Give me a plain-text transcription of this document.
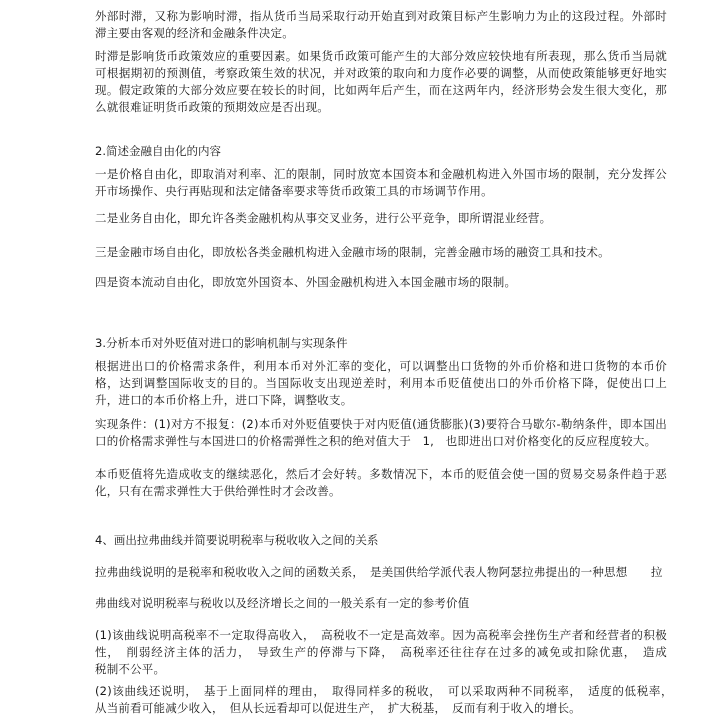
外部时滞，又称为影响时滞，指从货币当局采取行动开始直到对政策目标产生影响力为止的这段过程。外部时滞主要由客观的经济和金融条件决定。

时滞是影响货币政策效应的重要因素。如果货币政策可能产生的大部分效应较快地有所表现，那么货币当局就可根据期初的预测值，考察政策生效的状况，并对政策的取向和力度作必要的调整，从而使政策能够更好地实现。假定政策的大部分效应要在较长的时间，比如两年后产生，而在这两年内，经济形势会发生很大变化，那么就很难证明货币政策的预期效应是否出现。

2.简述金融自由化的内容

一是价格自由化，即取消对利率、汇的限制，同时放宽本国资本和金融机构进入外国市场的限制，充分发挥公开市场操作、央行再贴现和法定储备率要求等货币政策工具的市场调节作用。

二是业务自由化，即允许各类金融机构从事交叉业务，进行公平竞争，即所谓混业经营。

三是金融市场自由化，即放松各类金融机构进入金融市场的限制，完善金融市场的融资工具和技术。

四是资本流动自由化，即放宽外国资本、外国金融机构进入本国金融市场的限制。

3.分析本币对外贬值对进口的影响机制与实现条件

根据进出口的价格需求条件，利用本币对外汇率的变化，可以调整出口货物的外币价格和进口货物的本币价格，达到调整国际收支的目的。当国际收支出现逆差时，利用本币贬值使出口的外币价格下降，促使出口上升，进口的本币价格上升，进口下降，调整收支。

实现条件：(1)对方不报复：(2)本币对外贬值要快于对内贬值(通货膨胀)(3)要符合马歇尔-勒纳条件，即本国出口的价格需求弹性与本国进口的价格需弹性之积的绝对值大于　1,　也即进出口对价格变化的反应程度较大。

本币贬值将先造成收支的继续恶化，然后才会好转。多数情况下，本币的贬值会使一国的贸易交易条件趋于恶化，只有在需求弹性大于供给弹性时才会改善。

4、画出拉弗曲线并简要说明税率与税收收入之间的关系

拉弗曲线说明的是税率和税收收入之间的函数关系，　是美国供给学派代表人物阿瑟拉弗提出的一种思想　　拉

弗曲线对说明税率与税收以及经济增长之间的一般关系有一定的参考价值

(1)该曲线说明高税率不一定取得高收入，　高税收不一定是高效率。因为高税率会挫伤生产者和经营者的积极性，　削弱经济主体的活力，　导致生产的停滞与下降，　高税率还往往存在过多的减免或扣除优惠，　造成　　税制不公平。

(2)该曲线还说明，　基于上面同样的理由，　取得同样多的税收，　可以采取两种不同税率，　适度的低税率，　从当前看可能减少收入，　但从长远看却可以促进生产，　扩大税基，　反而有利于收入的增长。
